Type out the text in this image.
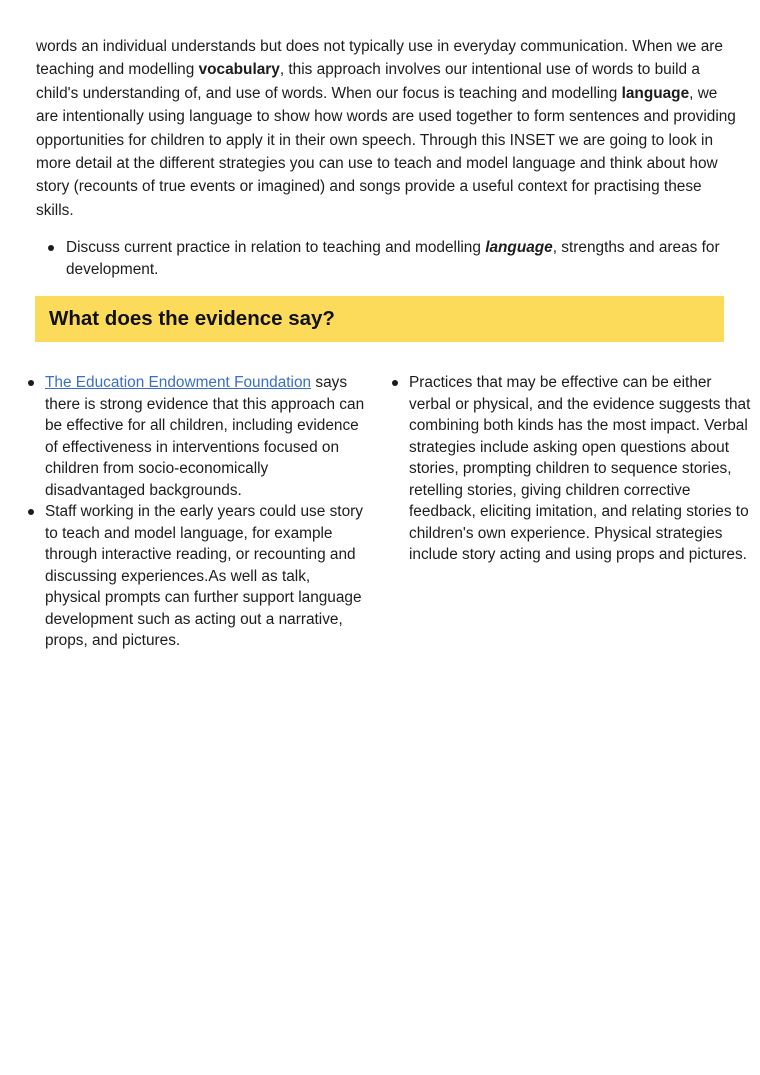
words an individual understands but does not typically use in everyday communication. When we are teaching and modelling vocabulary, this approach involves our intentional use of words to build a child's understanding of, and use of words. When our focus is teaching and modelling language, we are intentionally using language to show how words are used together to form sentences and providing opportunities for children to apply it in their own speech. Through this INSET we are going to look in more detail at the different strategies you can use to teach and model language and think about how story (recounts of true events or imagined) and songs provide a useful context for practising these skills.

Discuss current practice in relation to teaching and modelling language, strengths and areas for development.
What does the evidence say?
The Education Endowment Foundation says there is strong evidence that this approach can be effective for all children, including evidence of effectiveness in interventions focused on children from socio-economically disadvantaged backgrounds.
Staff working in the early years could use story to teach and model language, for example through interactive reading, or recounting and discussing experiences.As well as talk, physical prompts can further support language development such as acting out a narrative, props, and pictures.
Practices that may be effective can be either verbal or physical, and the evidence suggests that combining both kinds has the most impact. Verbal strategies include asking open questions about stories, prompting children to sequence stories, retelling stories, giving children corrective feedback, eliciting imitation, and relating stories to children's own experience. Physical strategies include story acting and using props and pictures.
